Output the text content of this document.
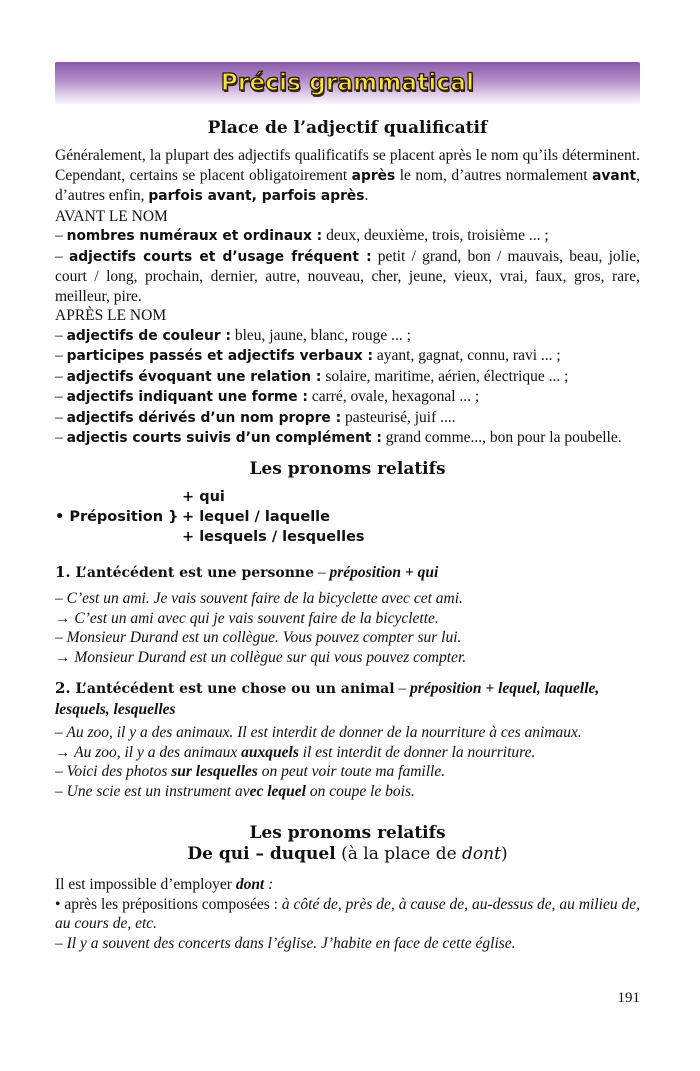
Précis grammatical
Place de l’adjectif qualificatif

Généralement, la plupart des adjectifs qualificatifs se placent après le nom qu’ils déterminent. Cependant, certains se placent obligatoirement après le nom, d’autres normalement avant, d’autres enfin, parfois avant, parfois après.

AVANT LE NOM

– nombres numéraux et ordinaux : deux, deuxième, trois, troisième ... ;

– adjectifs courts et d’usage fréquent : petit / grand, bon / mauvais, beau, jolie, court / long, prochain, dernier, autre, nouveau, cher, jeune, vieux, vrai, faux, gros, rare, meilleur, pire.

APRÈS LE NOM

– adjectifs de couleur : bleu, jaune, blanc, rouge ... ;

– participes passés et adjectifs verbaux : ayant, gagnat, connu, ravi ... ;

– adjectifs évoquant une relation : solaire, maritime, aérien, électrique ... ;

– adjectifs indiquant une forme : carré, ovale, hexagonal ... ;

– adjectifs dérivés d’un nom propre : pasteurisé, juif ....

– adjectis courts suivis d’un complément : grand comme..., bon pour la poubelle.

Les pronoms relatifs
+ qui
• Préposition } + lequel / laquelle
+ lesquels / lesquelles

1. L’antécédent est une personne – préposition + qui

– C’est un ami. Je vais souvent faire de la bicyclette avec cet ami.

→ C’est un ami avec qui je vais souvent faire de la bicyclette.

– Monsieur Durand est un collègue. Vous pouvez compter sur lui.

→ Monsieur Durand est un collègue sur qui vous pouvez compter.

2. L’antécédent est une chose ou un animal – préposition + lequel, laquelle, lesquels, lesquelles

– Au zoo, il y a des animaux. Il est interdit de donner de la nourriture à ces animaux.

→ Au zoo, il y a des animaux auxquels il est interdit de donner la nourriture.

– Voici des photos sur lesquelles on peut voir toute ma famille.

– Une scie est un instrument avec lequel on coupe le bois.

Les pronoms relatifs
De qui – duquel (à la place de dont)

Il est impossible d’employer dont :

• après les prépositions composées : à côté de, près de, à cause de, au-dessus de, au milieu de, au cours de, etc.

– Il y a souvent des concerts dans l’église. J’habite en face de cette église.

191
